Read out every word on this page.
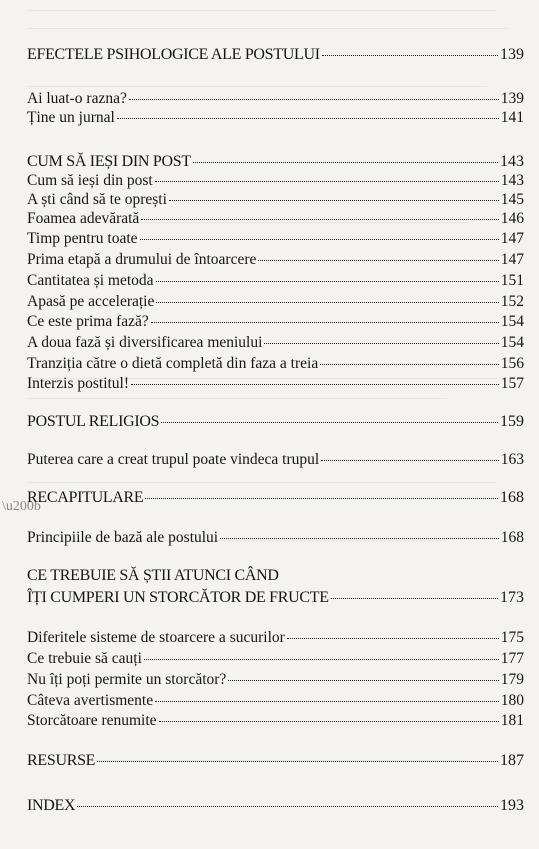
\u200b
EFECTELE PSIHOLOGICE ALE POSTULUI	139
Ai luat-o razna?	139
Ține un jurnal	141
CUM SĂ IEȘI DIN POST	143
Cum să ieși din post	143
A ști când să te oprești	145
Foamea adevărată	146
Timp pentru toate	147
Prima etapă a drumului de întoarcere	147
Cantitatea și metoda	151
Apasă pe accelerație	152
Ce este prima fază?	154
A doua fază și diversificarea meniului	154
Tranziția către o dietă completă din faza a treia	156
Interzis postitul!	157
POSTUL RELIGIOS	159
Puterea care a creat trupul poate vindeca trupul	163
RECAPITULARE	168
Principiile de bază ale postului	168
CE TREBUIE SĂ ȘTII ATUNCI CÂND
ÎȚI CUMPERI UN STORCĂTOR DE FRUCTE	173
Diferitele sisteme de stoarcere a sucurilor	175
Ce trebuie să cauți	177
Nu îți poți permite un storcător?	179
Câteva avertismente	180
Storcătoare renumite	181
RESURSE	187
INDEX	193
